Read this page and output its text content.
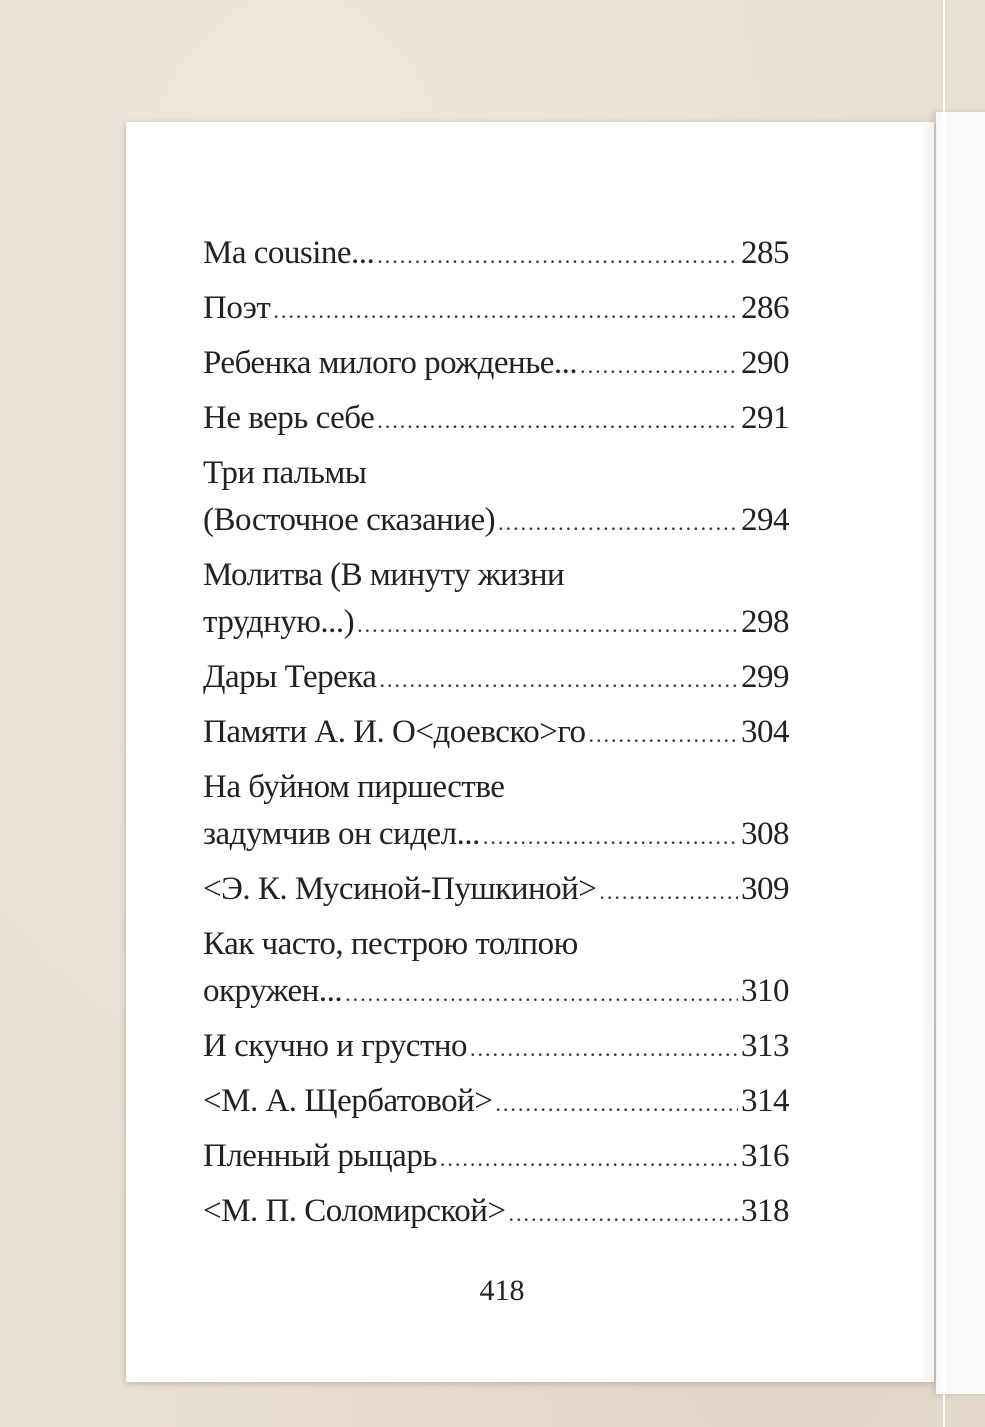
Ma cousine... .....	285
Поэт .....	286
Ребенка милого рожденье... .....	290
Не верь себе .....	291
Три пальмы
(Восточное сказание) .....	294
Молитва (В минуту жизни
трудную...) .....	298
Дары Терека .....	299
Памяти А. И. О<доевско>го .....	304
На буйном пиршестве
задумчив он сидел... .....	308
<Э. К. Мусиной-Пушкиной> .....	309
Как часто, пестрою толпою
окружен... .....	310
И скучно и грустно .....	313
<М. А. Щербатовой> .....	314
Пленный рыцарь .....	316
<М. П. Соломирской> .....	318
418
